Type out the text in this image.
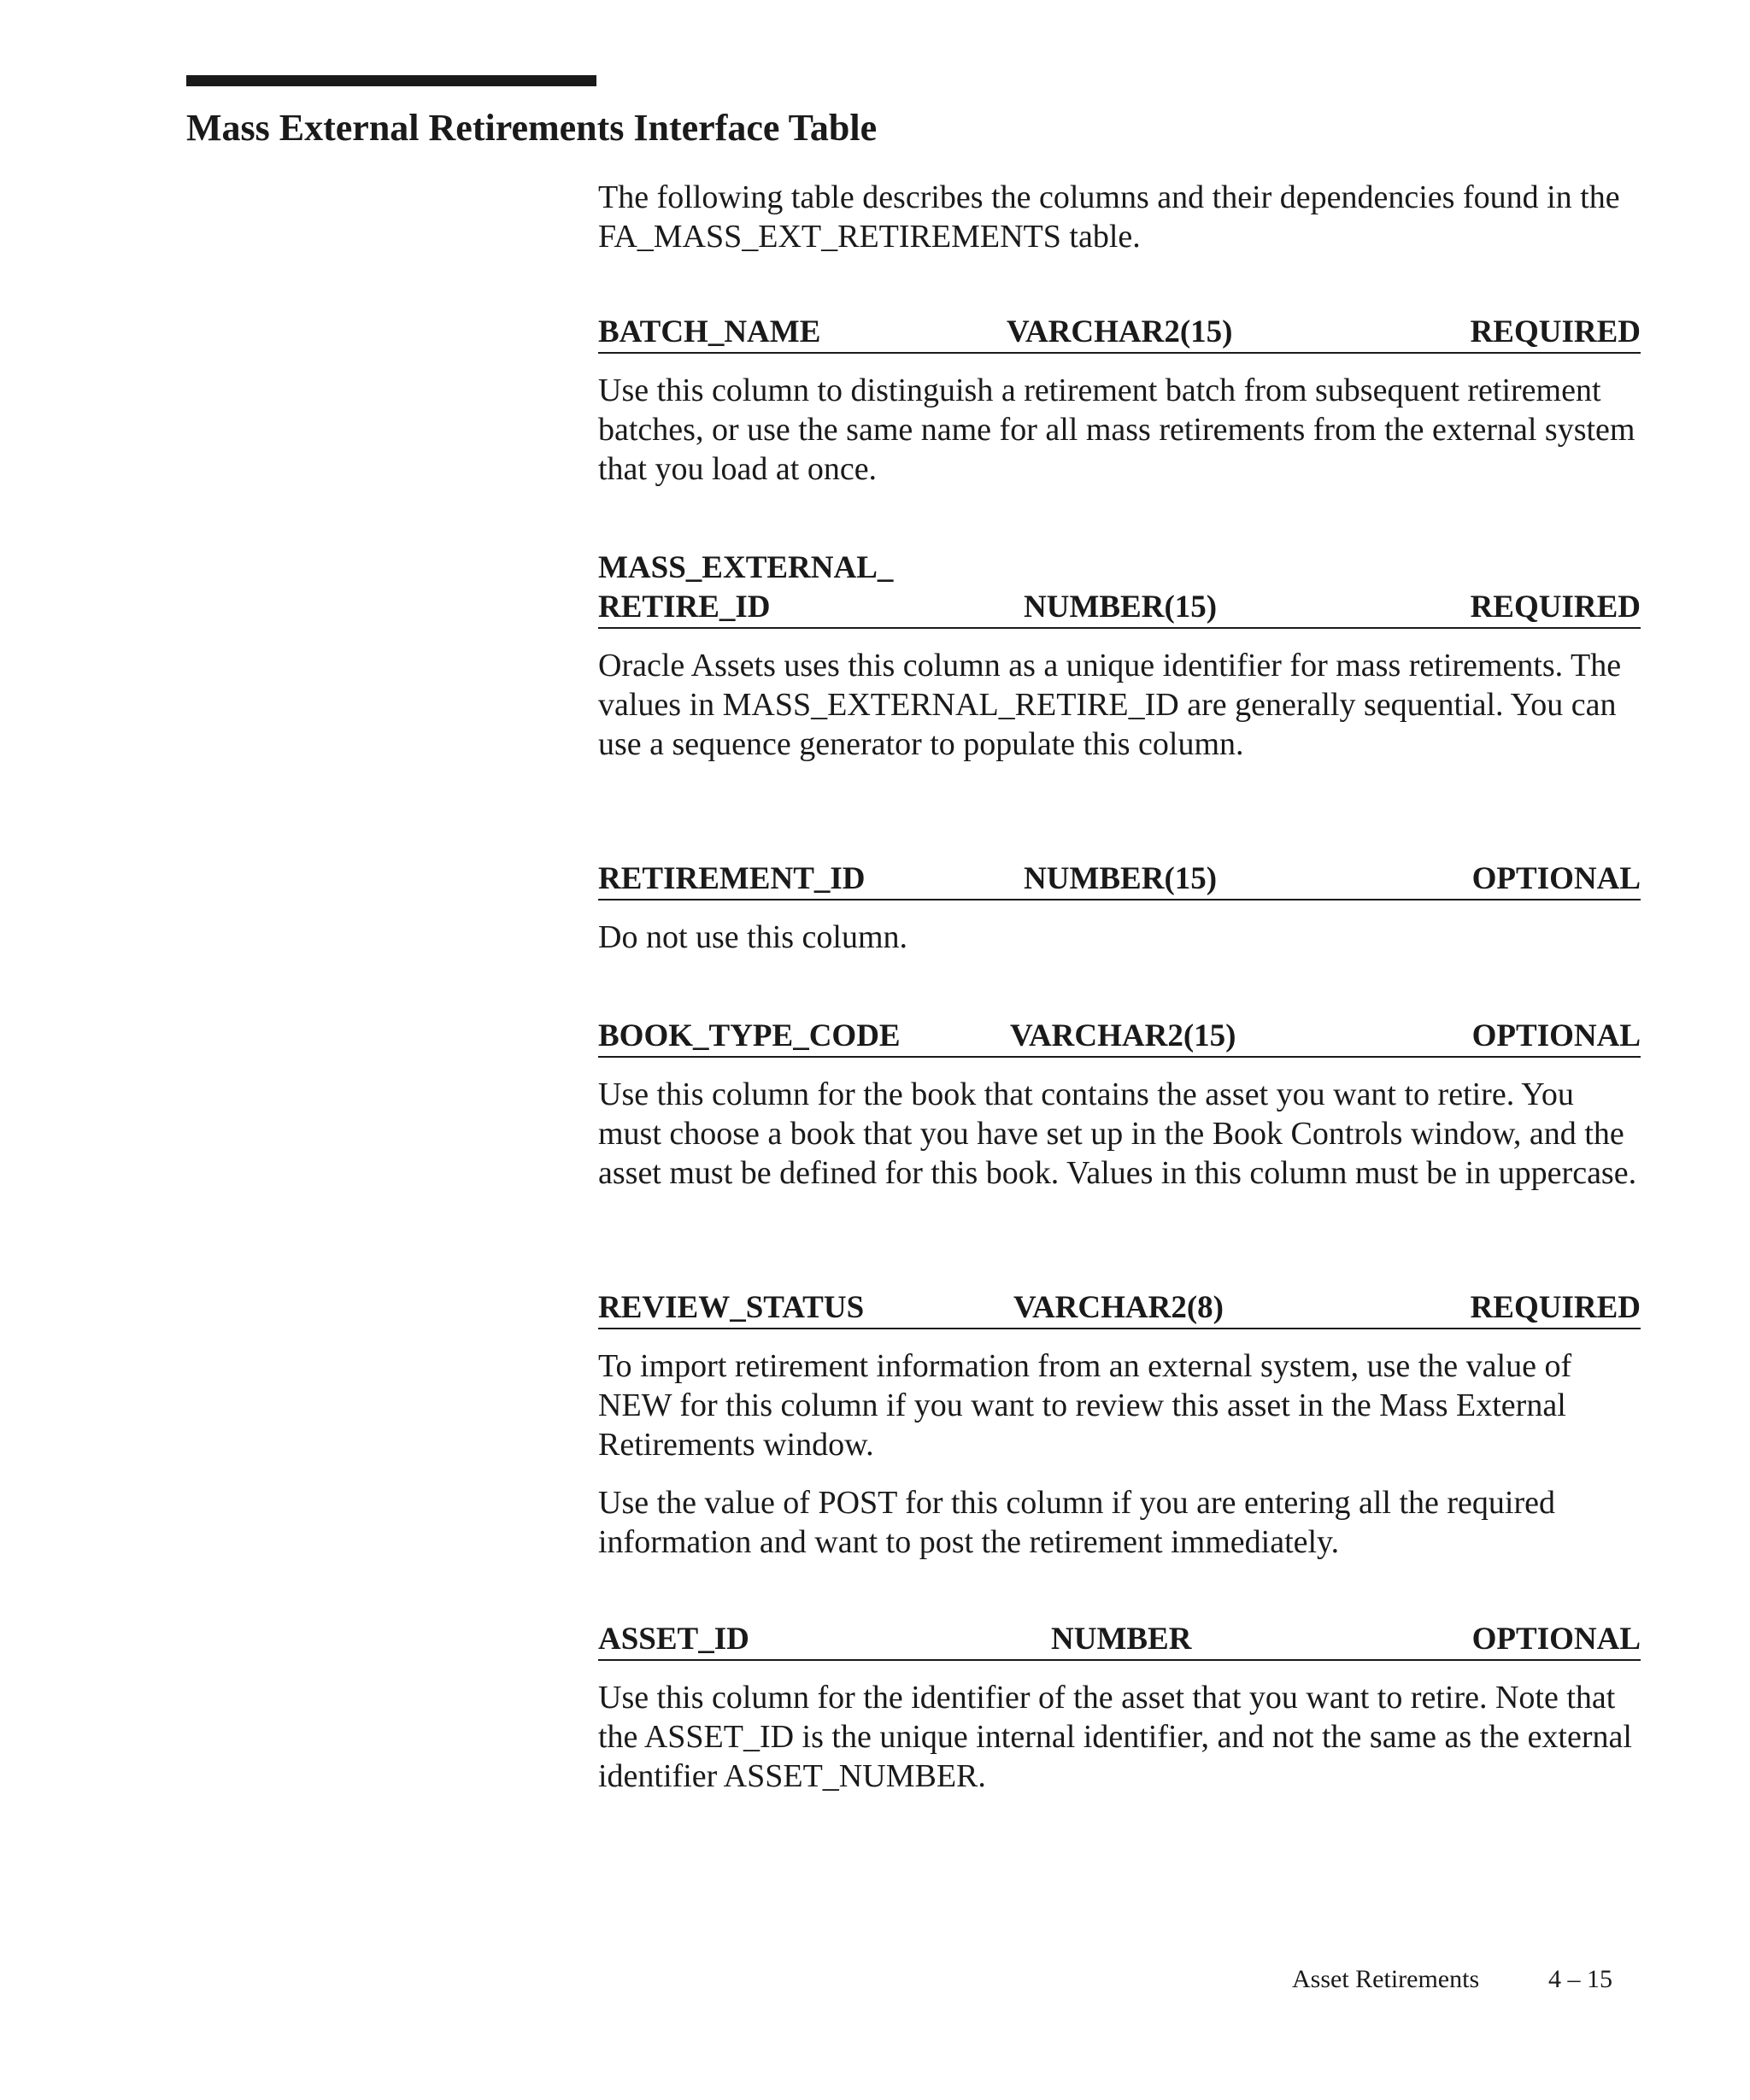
Mass External Retirements Interface Table

The following table describes the columns and their dependencies found in the FA_MASS_EXT_RETIREMENTS table.

BATCH_NAME	VARCHAR2(15)	REQUIRED

Use this column to distinguish a retirement batch from subsequent retirement batches, or use the same name for all mass retirements from the external system that you load at once.

MASS_EXTERNAL_
RETIRE_ID	NUMBER(15)	REQUIRED

Oracle Assets uses this column as a unique identifier for mass retirements. The values in MASS_EXTERNAL_RETIRE_ID are generally sequential. You can use a sequence generator to populate this column.

RETIREMENT_ID	NUMBER(15)	OPTIONAL

Do not use this column.

BOOK_TYPE_CODE	VARCHAR2(15)	OPTIONAL

Use this column for the book that contains the asset you want to retire. You must choose a book that you have set up in the Book Controls window, and the asset must be defined for this book. Values in this column must be in uppercase.

REVIEW_STATUS	VARCHAR2(8)	REQUIRED

To import retirement information from an external system, use the value of NEW for this column if you want to review this asset in the Mass External Retirements window.

Use the value of POST for this column if you are entering all the required information and want to post the retirement immediately.

ASSET_ID	NUMBER	OPTIONAL

Use this column for the identifier of the asset that you want to retire. Note that the ASSET_ID is the unique internal identifier, and not the same as the external identifier ASSET_NUMBER.

Asset Retirements	4 – 15
